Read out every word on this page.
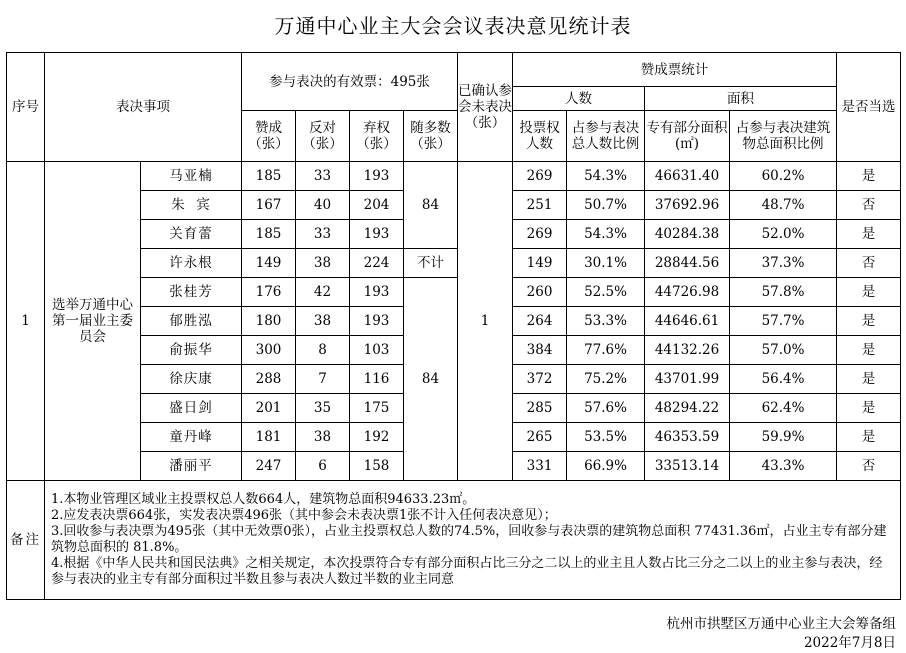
万通中心业主大会会议表决意见统计表
序号	表决事项		参与表决的有效票：495张				已确认参会未表决（张）	赞成票统计				是否当选
								人数		面积		
			赞成（张）	反对（张）	弃权（张）	随多数（张）		投票权人数	占参与表决总人数比例	专有部分面积(㎡)	占参与表决建筑物总面积比例	
1	选举万通中心第一届业主委员会	马亚楠	185	33	193	84	1	269	54.3%	46631.40	60.2%	是
		朱  宾	167	40	204			251	50.7%	37692.96	48.7%	否
		关育蕾	185	33	193			269	54.3%	40284.38	52.0%	是
		许永根	149	38	224	不计		149	30.1%	28844.56	37.3%	否
		张桂芳	176	42	193	84		260	52.5%	44726.98	57.8%	是
		郁胜泓	180	38	193			264	53.3%	44646.61	57.7%	是
		俞振华	300	8	103			384	77.6%	44132.26	57.0%	是
		徐庆康	288	7	116			372	75.2%	43701.99	56.4%	是
		盛日剑	201	35	175			285	57.6%	48294.22	62.4%	是
		童丹峰	181	38	192			265	53.5%	46353.59	59.9%	是
		潘丽平	247	6	158			331	66.9%	33513.14	43.3%	否
备注	1.本物业管理区域业主投票权总人数664人，建筑物总面积94633.23㎡。
2.应发表决票664张，实发表决票496张（其中参会未表决票1张不计入任何表决意见）；
3.回收参与表决票为495张（其中无效票0张），占业主投票权总人数的74.5%，回收参与表决票的建筑物总面积 77431.36㎡，占业主专有部分建筑物总面积的 81.8%。
4.根据《中华人民共和国民法典》之相关规定，本次投票符合专有部分面积占比三分之二以上的业主且人数占比三分之二以上的业主参与表决，经参与表决的业主专有部分面积过半数且参与表决人数过半数的业主同意											
杭州市拱墅区万通中心业主大会筹备组
2022年7月8日
